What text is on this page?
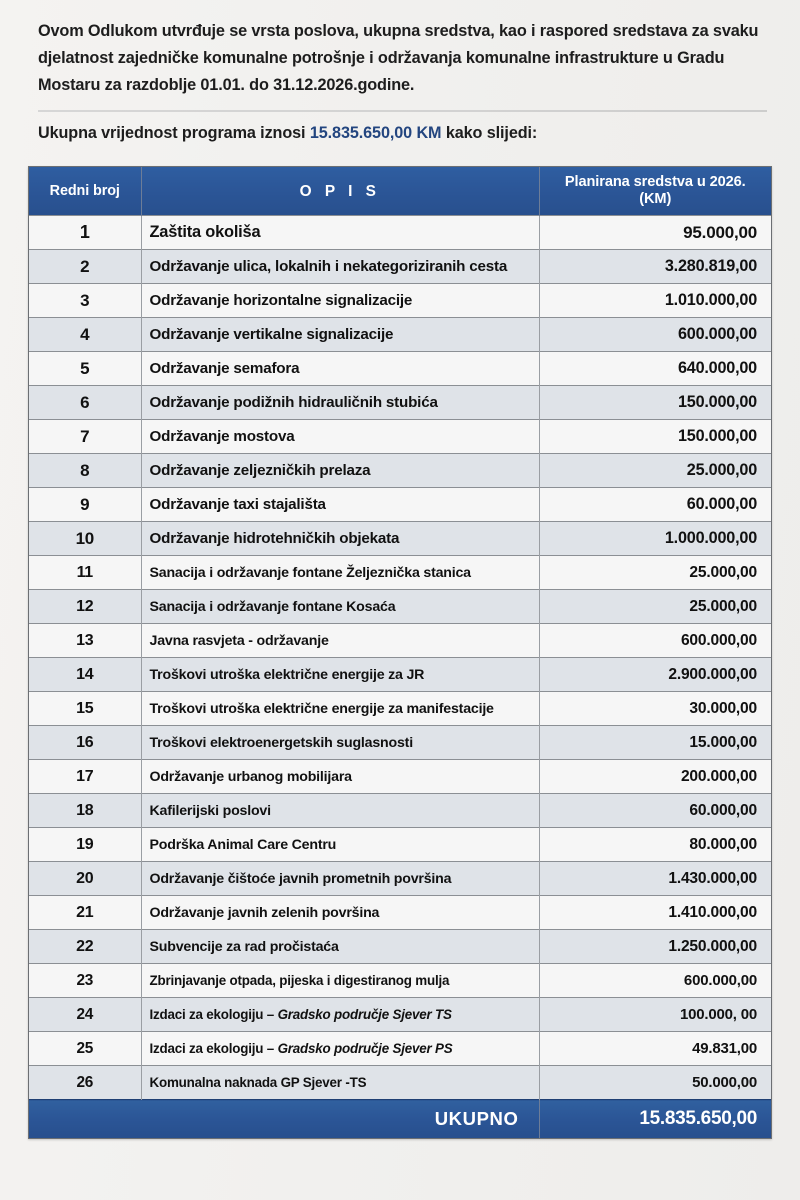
Ovom Odlukom utvrđuje se vrsta poslova, ukupna sredstva, kao i raspored sredstava za svaku djelatnost zajedničke komunalne potrošnje i održavanja komunalne infrastrukture u Gradu Mostaru za razdoblje 01.01. do 31.12.2026.godine.

Ukupna vrijednost programa iznosi 15.835.650,00 KM kako slijedi:
Redni broj	O P I S	Planirana sredstva u 2026.
(KM)
1	Zaštita okoliša	95.000,00
2	Održavanje ulica, lokalnih i nekategoriziranih cesta	3.280.819,00
3	Održavanje horizontalne signalizacije	1.010.000,00
4	Održavanje vertikalne signalizacije	600.000,00
5	Održavanje semafora	640.000,00
6	Održavanje podižnih hidrauličnih stubića	150.000,00
7	Održavanje mostova	150.000,00
8	Održavanje zeljezničkih prelaza	25.000,00
9	Održavanje taxi stajališta	60.000,00
10	Održavanje hidrotehničkih objekata	1.000.000,00
11	Sanacija i održavanje fontane Željeznička stanica	25.000,00
12	Sanacija i održavanje fontane Kosaća	25.000,00
13	Javna rasvjeta - održavanje	600.000,00
14	Troškovi utroška električne energije za JR	2.900.000,00
15	Troškovi utroška električne energije za manifestacije	30.000,00
16	Troškovi elektroenergetskih suglasnosti	15.000,00
17	Održavanje urbanog mobilijara	200.000,00
18	Kafilerijski poslovi	60.000,00
19	Podrška Animal Care Centru	80.000,00
20	Održavanje čištoće javnih prometnih površina	1.430.000,00
21	Održavanje javnih zelenih površina	1.410.000,00
22	Subvencije za rad pročistaća	1.250.000,00
23	Zbrinjavanje otpada, pijeska i digestiranog mulja	600.000,00
24	Izdaci za ekologiju – Gradsko područje Sjever TS	100.000, 00
25	Izdaci za ekologiju – Gradsko područje Sjever PS	49.831,00
26	Komunalna naknada GP Sjever -TS	50.000,00
UKUPNO		15.835.650,00
